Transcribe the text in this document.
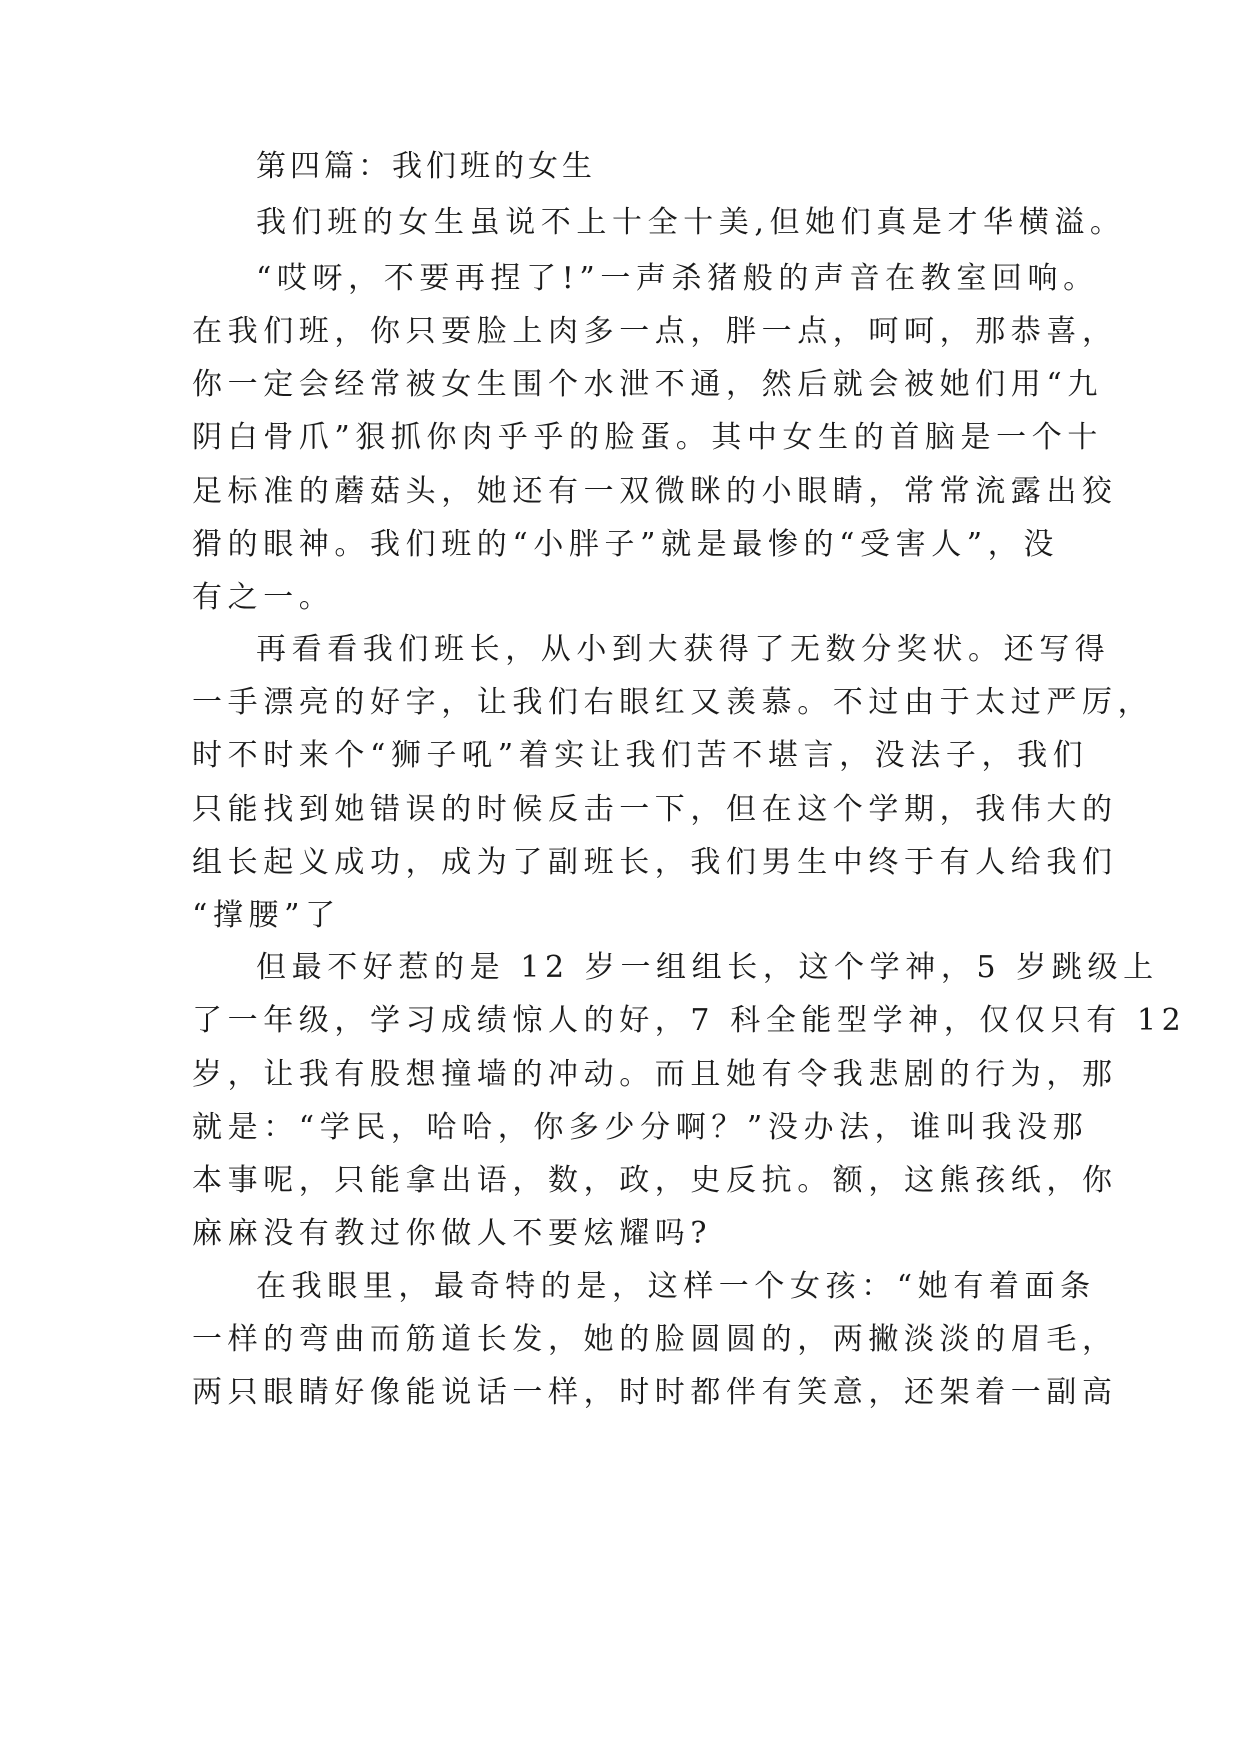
第四篇：我们班的女生
我们班的女生虽说不上十全十美,但她们真是才华横溢。
“哎呀，不要再捏了!”一声杀猪般的声音在教室回响。
在我们班，你只要脸上肉多一点，胖一点，呵呵，那恭喜，
你一定会经常被女生围个水泄不通，然后就会被她们用“九
阴白骨爪”狠抓你肉乎乎的脸蛋。其中女生的首脑是一个十
足标准的蘑菇头，她还有一双微眯的小眼睛，常常流露出狡
猾的眼神。我们班的“小胖子”就是最惨的“受害人”，没
有之一。
再看看我们班长，从小到大获得了无数分奖状。还写得
一手漂亮的好字，让我们右眼红又羡慕。不过由于太过严厉，
时不时来个“狮子吼”着实让我们苦不堪言，没法子，我们
只能找到她错误的时候反击一下，但在这个学期，我伟大的
组长起义成功，成为了副班长，我们男生中终于有人给我们
“撑腰”了
但最不好惹的是 12 岁一组组长，这个学神，5 岁跳级上
了一年级，学习成绩惊人的好，7 科全能型学神，仅仅只有 12
岁，让我有股想撞墙的冲动。而且她有令我悲剧的行为，那
就是：“学民，哈哈，你多少分啊？”没办法，谁叫我没那
本事呢，只能拿出语，数，政，史反抗。额，这熊孩纸，你
麻麻没有教过你做人不要炫耀吗?
在我眼里，最奇特的是，这样一个女孩：“她有着面条
一样的弯曲而筋道长发，她的脸圆圆的，两撇淡淡的眉毛，
两只眼睛好像能说话一样，时时都伴有笑意，还架着一副高
